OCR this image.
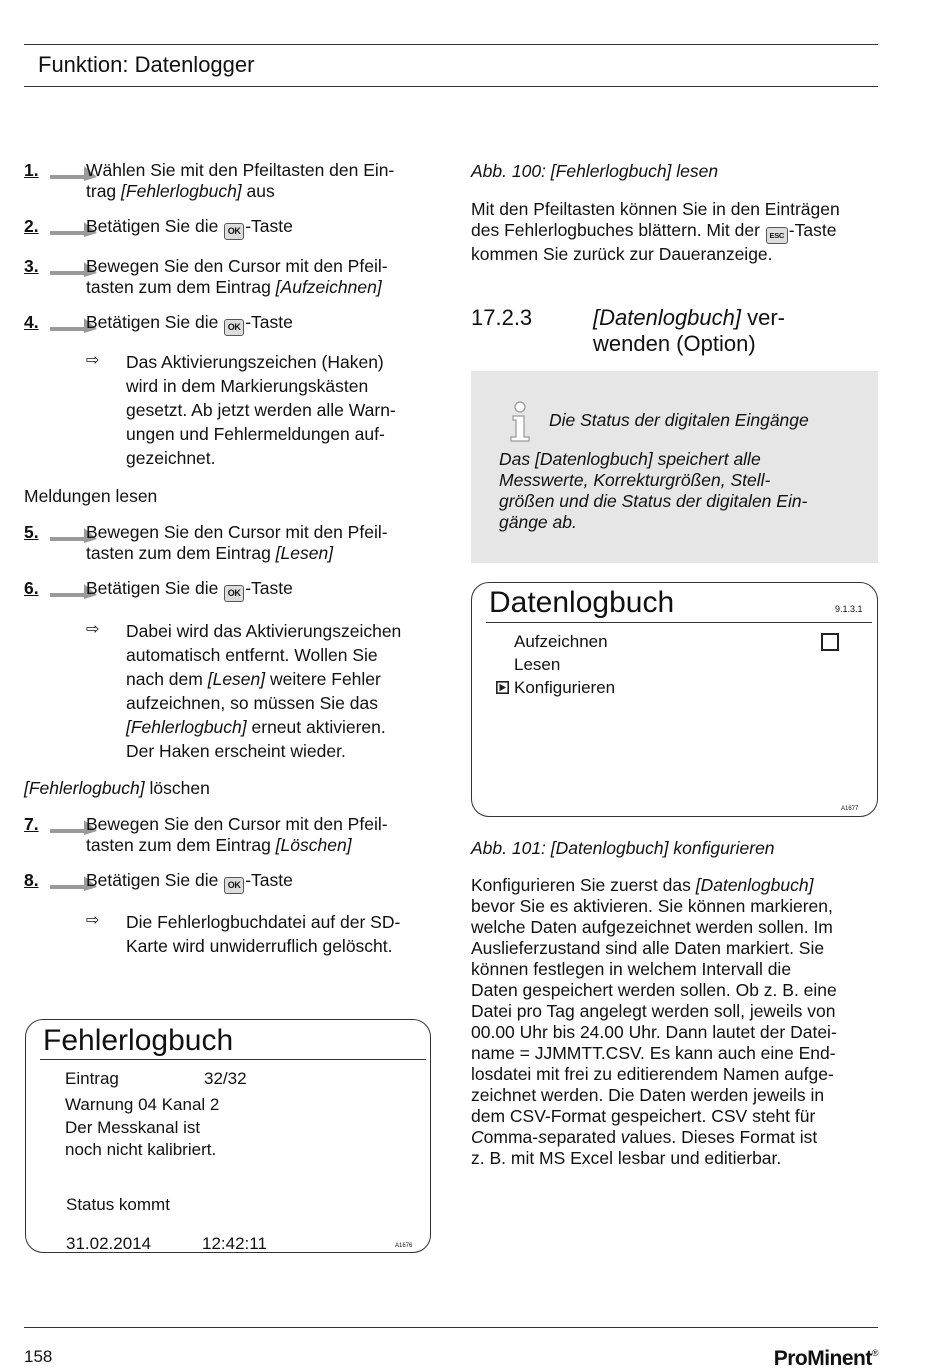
Funktion: Datenlogger
1.	Wählen Sie mit den Pfeiltasten den Ein-
trag [Fehlerlogbuch] aus
2.	Betätigen Sie die OK -Taste
3.	Bewegen Sie den Cursor mit den Pfeil-
tasten zum dem Eintrag [Aufzeichnen]
4.	Betätigen Sie die OK -Taste
5.	Bewegen Sie den Cursor mit den Pfeil-
tasten zum dem Eintrag [Lesen]
6.	Betätigen Sie die OK -Taste
7.	Bewegen Sie den Cursor mit den Pfeil-
tasten zum dem Eintrag [Löschen]
8.	Betätigen Sie die OK -Taste
⇨ Das Aktivierungszeichen (Haken)
wird in dem Markierungskästen
gesetzt. Ab jetzt werden alle Warn-
ungen und Fehlermeldungen auf-
gezeichnet.
Meldungen lesen
⇨ Dabei wird das Aktivierungszeichen
automatisch entfernt. Wollen Sie
nach dem [Lesen] weitere Fehler
aufzeichnen, so müssen Sie das
[Fehlerlogbuch] erneut aktivieren.
Der Haken erscheint wieder.
[Fehlerlogbuch] löschen
⇨ Die Fehlerlogbuchdatei auf der SD-
Karte wird unwiderruflich gelöscht.
Fehlerlogbuch
Eintrag	32/32
Warnung 04 Kanal 2
Der Messkanal ist
noch nicht kalibriert.
Status kommt
31.02.2014	12:42:11	A1676
Abb. 100: [Fehlerlogbuch] lesen
Mit den Pfeiltasten können Sie in den Einträgen
des Fehlerlogbuches blättern. Mit der ESC -Taste
kommen Sie zurück zur Daueranzeige.
17.2.3	[Datenlogbuch] ver-
wenden (Option)
Die Status der digitalen Eingänge
Das [Datenlogbuch] speichert alle
Messwerte, Korrekturgrößen, Stell-
größen und die Status der digitalen Ein-
gänge ab.
Datenlogbuch	9.1.3.1
Aufzeichnen
Lesen
Konfigurieren
A1677
Abb. 101: [Datenlogbuch] konfigurieren
Konfigurieren Sie zuerst das [Datenlogbuch]
bevor Sie es aktivieren. Sie können markieren,
welche Daten aufgezeichnet werden sollen. Im
Auslieferzustand sind alle Daten markiert. Sie
können festlegen in welchem Intervall die
Daten gespeichert werden sollen. Ob z. B. eine
Datei pro Tag angelegt werden soll, jeweils von
00.00 Uhr bis 24.00 Uhr. Dann lautet der Datei-
name = JJMMTT.CSV. Es kann auch eine End-
losdatei mit frei zu editierendem Namen aufge-
zeichnet werden. Die Daten werden jeweils in
dem CSV-Format gespeichert. CSV steht für
Comma-separated values. Dieses Format ist
z. B. mit MS Excel lesbar und editierbar.
158	ProMinent®
